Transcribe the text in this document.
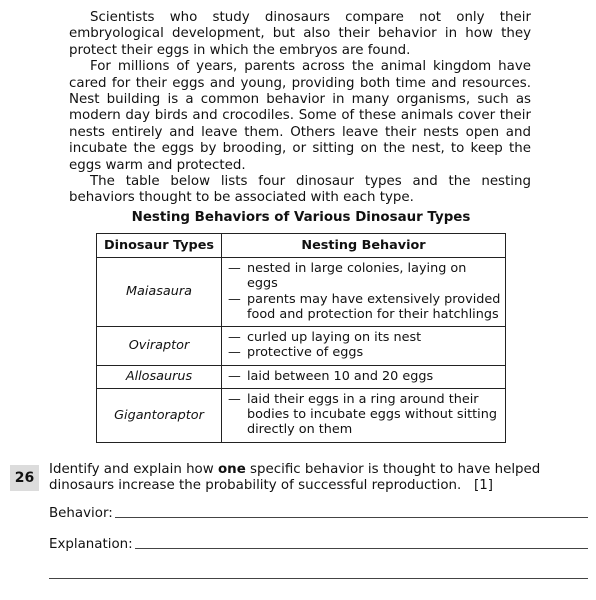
Scientists who study dinosaurs compare not only their embryological development, but also their behavior in how they protect their eggs in which the embryos are found.

For millions of years, parents across the animal kingdom have cared for their eggs and young, providing both time and resources. Nest building is a common behavior in many organisms, such as modern day birds and crocodiles. Some of these animals cover their nests entirely and leave them. Others leave their nests open and incubate the eggs by brooding, or sitting on the nest, to keep the eggs warm and protected.

The table below lists four dinosaur types and the nesting behaviors thought to be associated with each type.

Nesting Behaviors of Various Dinosaur Types
Dinosaur Types	Nesting Behavior
Maiasaura	— nested in large colonies, laying on eggs
— parents may have extensively provided food and protection for their hatchlings

Oviraptor	— curled up laying on its nest
— protective of eggs

Allosaurus	— laid between 10 and 20 eggs

Gigantoraptor	— laid their eggs in a ring around their bodies to incubate eggs without sitting directly on them
26
Identify and explain how one specific behavior is thought to have helped dinosaurs increase the probability of successful reproduction. [1]
Behavior:
Explanation:
